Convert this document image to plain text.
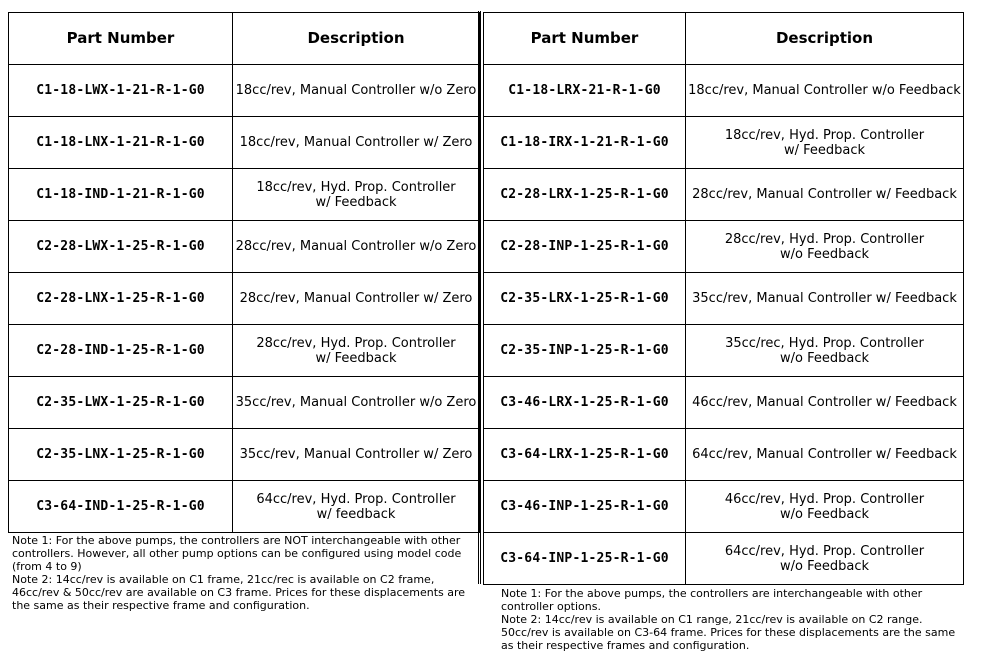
Part Number	Description
C1-18-LWX-1-21-R-1-G0	18cc/rev, Manual Controller w/o Zero
C1-18-LNX-1-21-R-1-G0	18cc/rev, Manual Controller w/ Zero
C1-18-IND-1-21-R-1-G0	18cc/rev, Hyd. Prop. Controller
w/ Feedback
C2-28-LWX-1-25-R-1-G0	28cc/rev, Manual Controller w/o Zero
C2-28-LNX-1-25-R-1-G0	28cc/rev, Manual Controller w/ Zero
C2-28-IND-1-25-R-1-G0	28cc/rev, Hyd. Prop. Controller
w/ Feedback
C2-35-LWX-1-25-R-1-G0	35cc/rev, Manual Controller w/o Zero
C2-35-LNX-1-25-R-1-G0	35cc/rev, Manual Controller w/ Zero
C3-64-IND-1-25-R-1-G0	64cc/rev, Hyd. Prop. Controller
w/ feedback
Part Number	Description
C1-18-LRX-21-R-1-G0	18cc/rev, Manual Controller w/o Feedback
C1-18-IRX-1-21-R-1-G0	18cc/rev, Hyd. Prop. Controller
w/ Feedback
C2-28-LRX-1-25-R-1-G0	28cc/rev, Manual Controller w/ Feedback
C2-28-INP-1-25-R-1-G0	28cc/rev, Hyd. Prop. Controller
w/o Feedback
C2-35-LRX-1-25-R-1-G0	35cc/rev, Manual Controller w/ Feedback
C2-35-INP-1-25-R-1-G0	35cc/rec, Hyd. Prop. Controller
w/o Feedback
C3-46-LRX-1-25-R-1-G0	46cc/rev, Manual Controller w/ Feedback
C3-64-LRX-1-25-R-1-G0	64cc/rev, Manual Controller w/ Feedback
C3-46-INP-1-25-R-1-G0	46cc/rev, Hyd. Prop. Controller
w/o Feedback
C3-64-INP-1-25-R-1-G0	64cc/rev, Hyd. Prop. Controller
w/o Feedback

Note 1: For the above pumps, the controllers are NOT interchangeable with other controllers. However, all other pump options can be configured using model code (from 4 to 9)

Note 2: 14cc/rev is available on C1 frame, 21cc/rec is available on C2 frame, 46cc/rev & 50cc/rev are available on C3 frame. Prices for these displacements are the same as their respective frame and configuration.

Note 1: For the above pumps, the controllers are interchangeable with other controller options.

Note 2: 14cc/rev is available on C1 range, 21cc/rev is available on C2 range. 50cc/rev is available on C3-64 frame. Prices for these displacements are the same as their respective frames and configuration.
